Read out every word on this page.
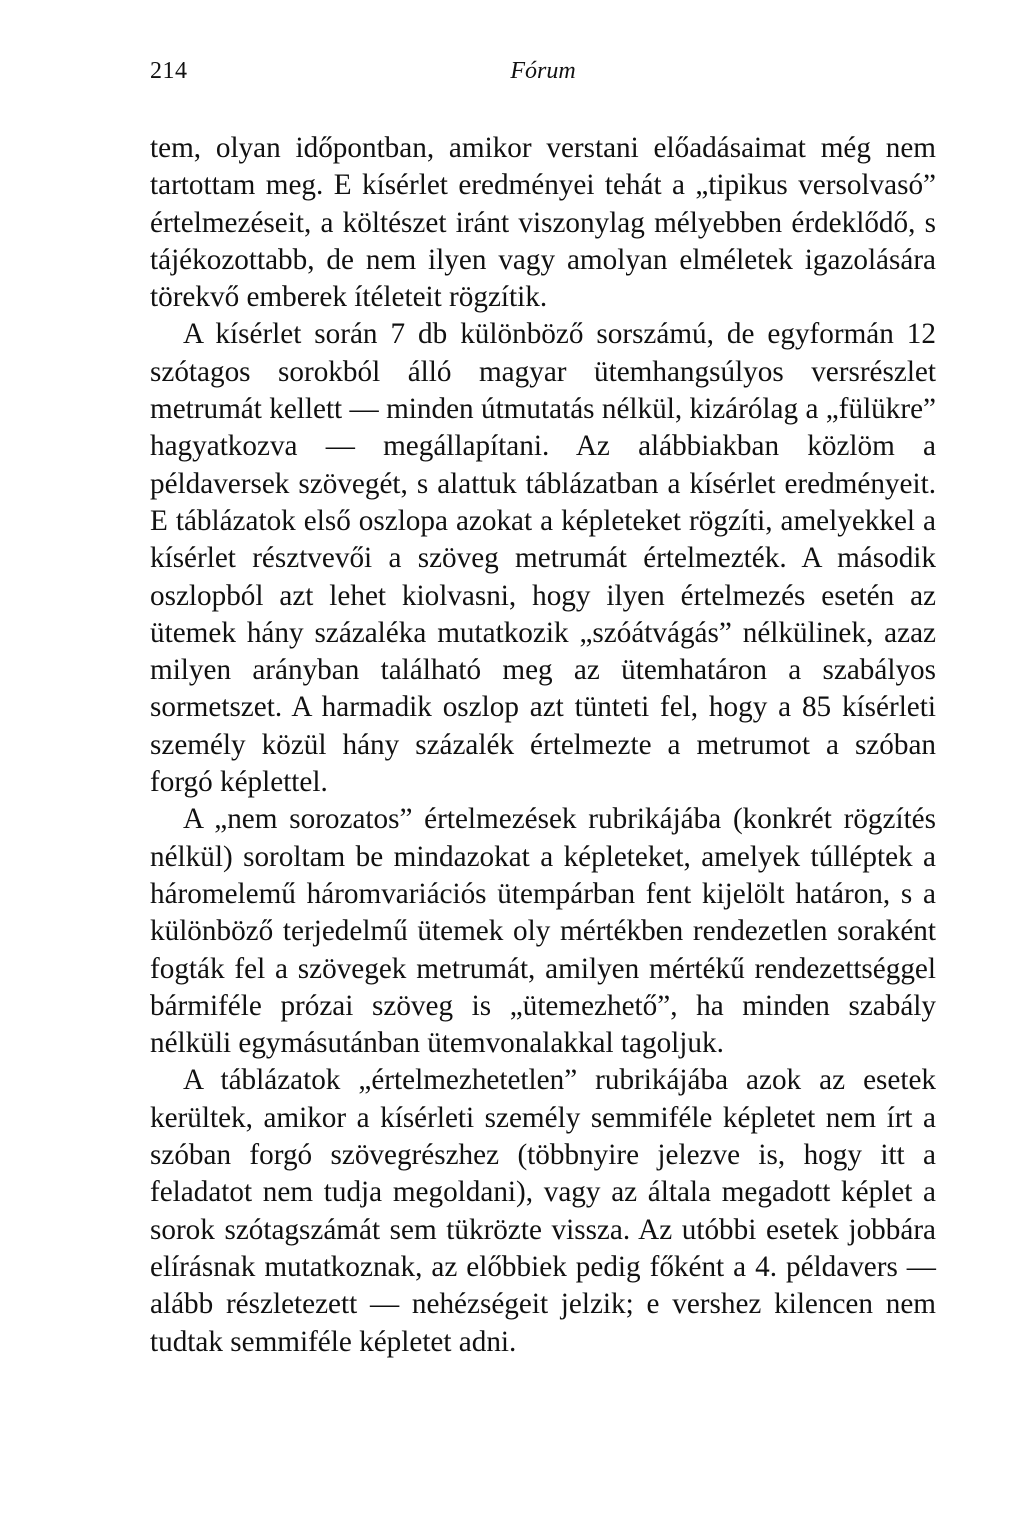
214	Fórum

tem, olyan időpontban, amikor verstani előadásaimat még nem tartottam meg. E kísérlet eredményei tehát a „tipikus versolvasó” értelmezéseit, a költészet iránt viszonylag mélyebben érdeklődő, s tájékozottabb, de nem ilyen vagy amolyan elméletek igazolására törekvő emberek ítéleteit rögzítik.

A kísérlet során 7 db különböző sorszámú, de egyformán 12 szótagos sorokból álló magyar ütemhangsúlyos versrészlet metrumát kellett — minden útmutatás nélkül, kizárólag a „fülükre” hagyatkozva — megállapítani. Az alábbiakban közlöm a példaversek szövegét, s alattuk táblázatban a kísérlet eredményeit. E táblázatok első oszlopa azokat a képleteket rögzíti, amelyekkel a kísérlet résztvevői a szöveg metrumát értelmezték. A második oszlopból azt lehet kiolvasni, hogy ilyen értelmezés esetén az ütemek hány százaléka mutatkozik „szóátvágás” nélkülinek, azaz milyen arányban található meg az ütemhatáron a szabályos sormetszet. A harmadik oszlop azt tünteti fel, hogy a 85 kísérleti személy közül hány százalék értelmezte a metrumot a szóban forgó képlettel.

A „nem sorozatos” értelmezések rubrikájába (konkrét rögzítés nélkül) soroltam be mindazokat a képleteket, amelyek túlléptek a háromelemű háromvariációs ütempárban fent kijelölt határon, s a különböző terjedelmű ütemek oly mértékben rendezetlen soraként fogták fel a szövegek metrumát, amilyen mértékű rendezettséggel bármiféle prózai szöveg is „ütemezhető”, ha minden szabály nélküli egymásutánban ütemvonalakkal tagoljuk.

A táblázatok „értelmezhetetlen” rubrikájába azok az esetek kerültek, amikor a kísérleti személy semmiféle képletet nem írt a szóban forgó szövegrészhez (többnyire jelezve is, hogy itt a feladatot nem tudja megoldani), vagy az általa megadott képlet a sorok szótagszámát sem tükrözte vissza. Az utóbbi esetek jobbára elírásnak mutatkoznak, az előbbiek pedig főként a 4. példavers — alább részletezett — nehézségeit jelzik; e vershez kilencen nem tudtak semmiféle képletet adni.
